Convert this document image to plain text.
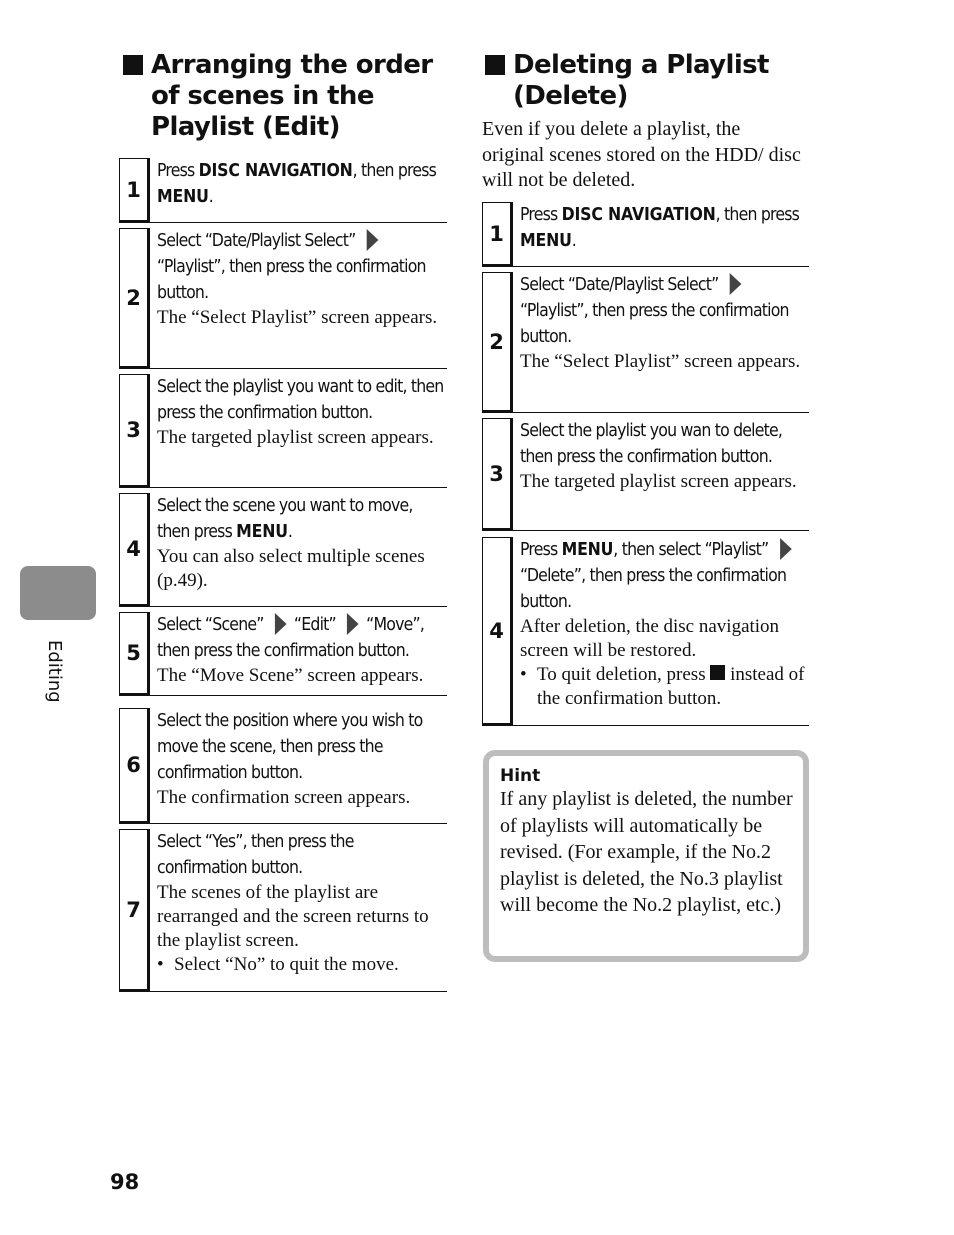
Arranging the order of scenes in the Playlist (Edit)
Deleting a Playlist (Delete)
Even if you delete a playlist, the original scenes stored on the HDD/ disc will not be deleted.
1
Press DISC NAVIGATION, then press MENU.
2
Select “Date/Playlist Select” “Playlist”, then press the confirmation button.
The “Select Playlist” screen appears.
3
Select the playlist you want to edit, then press the confirmation button.
The targeted playlist screen appears.
4
Select the scene you want to move, then press MENU.
You can also select multiple scenes (p.49).
5
Select “Scene” “Edit” “Move”, then press the confirmation button.
The “Move Scene” screen appears.
6
Select the position where you wish to move the scene, then press the confirmation button.
The confirmation screen appears.
7
Select “Yes”, then press the confirmation button.
The scenes of the playlist are rearranged and the screen returns to the playlist screen.
• Select “No” to quit the move.
1
Press DISC NAVIGATION, then press MENU.
2
Select “Date/Playlist Select” “Playlist”, then press the confirmation button.
The “Select Playlist” screen appears.
3
Select the playlist you wan to delete, then press the confirmation button.
The targeted playlist screen appears.
4
Press MENU, then select “Playlist” “Delete”, then press the confirmation button.
After deletion, the disc navigation screen will be restored.
• To quit deletion, press  instead of the confirmation button.
Hint
If any playlist is deleted, the number of playlists will automatically be revised. (For example, if the No.2 playlist is deleted, the No.3 playlist will become the No.2 playlist, etc.)
Editing
98
